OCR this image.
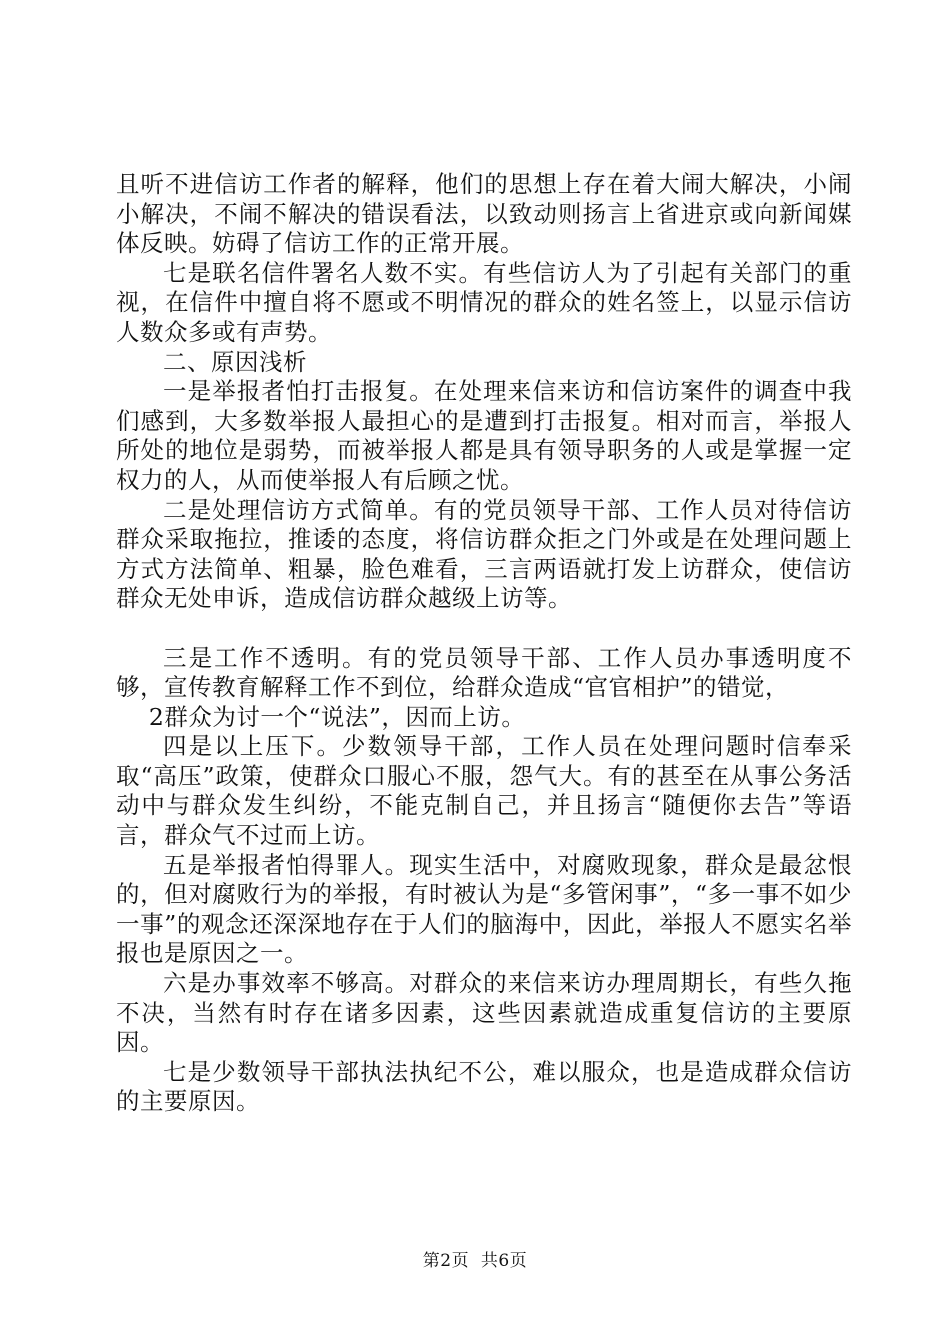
且听不进信访工作者的解释，他们的思想上存在着大闹大解决，小闹小解决，不闹不解决的错误看法，以致动则扬言上省进京或向新闻媒体反映。妨碍了信访工作的正常开展。

七是联名信件署名人数不实。有些信访人为了引起有关部门的重视，在信件中擅自将不愿或不明情况的群众的姓名签上，以显示信访人数众多或有声势。

二、原因浅析

一是举报者怕打击报复。在处理来信来访和信访案件的调查中我们感到，大多数举报人最担心的是遭到打击报复。相对而言，举报人所处的地位是弱势，而被举报人都是具有领导职务的人或是掌握一定权力的人，从而使举报人有后顾之忧。

二是处理信访方式简单。有的党员领导干部、工作人员对待信访群众采取拖拉，推诿的态度，将信访群众拒之门外或是在处理问题上方式方法简单、粗暴，脸色难看，三言两语就打发上访群众，使信访群众无处申诉，造成信访群众越级上访等。

三是工作不透明。有的党员领导干部、工作人员办事透明度不够，宣传教育解释工作不到位，给群众造成“官官相护”的错觉，

2群众为讨一个“说法”，因而上访。

四是以上压下。少数领导干部，工作人员在处理问题时信奉采取“高压”政策，使群众口服心不服，怨气大。有的甚至在从事公务活动中与群众发生纠纷，不能克制自己，并且扬言“随便你去告”等语言，群众气不过而上访。

五是举报者怕得罪人。现实生活中，对腐败现象，群众是最忿恨的，但对腐败行为的举报，有时被认为是“多管闲事”，“多一事不如少一事”的观念还深深地存在于人们的脑海中，因此，举报人不愿实名举报也是原因之一。

六是办事效率不够高。对群众的来信来访办理周期长，有些久拖不决，当然有时存在诸多因素，这些因素就造成重复信访的主要原因。

七是少数领导干部执法执纪不公，难以服众，也是造成群众信访的主要原因。

第2页  共6页
